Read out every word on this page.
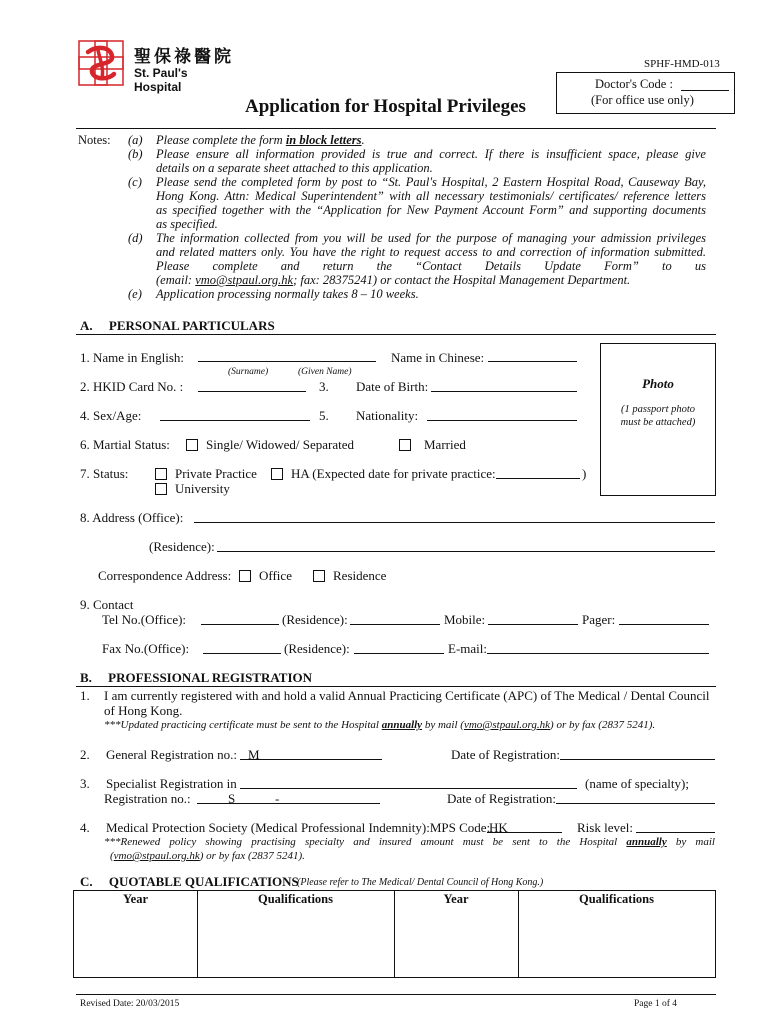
聖保祿醫院
St. Paul's Hospital
SPHF-HMD-013
Doctor's Code :
(For office use only)
Application for Hospital Privileges
Notes: (a) Please complete the form in block letters.
(b) Please ensure all information provided is true and correct. If there is insufficient space, please give
details on a separate sheet attached to this application.
(c) Please send the completed form by post to “St. Paul's Hospital, 2 Eastern Hospital Road, Causeway Bay,
Hong Kong. Attn: Medical Superintendent” with all necessary testimonials/ certificates/ reference letters
as specified together with the “Application for New Payment Account Form” and supporting documents
as specified.
(d) The information collected from you will be used for the purpose of managing your admission privileges
and related matters only. You have the right to request access to and correction of information submitted.
Please complete and return the “Contact Details Update Form” to us
(email: vmo@stpaul.org.hk; fax: 28375241) or contact the Hospital Management Department.
(e) Application processing normally takes 8 – 10 weeks.
A.     PERSONAL PARTICULARS
Photo
(1 passport photo
must be attached)
1. Name in English:
(Surname)	(Given Name)
Name in Chinese:
2. HKID Card No. :	3. Date of Birth:
4. Sex/Age:	5. Nationality:
6. Martial Status:	Single/ Widowed/ Separated	Married
7. Status:	Private Practice	HA (Expected date for private practice:	)
University
8. Address (Office):
(Residence):
Correspondence Address: Office	Residence
9. Contact
Tel No.(Office):	(Residence):	Mobile:	Pager:
Fax No.(Office):	(Residence):	E-mail:
B.     PROFESSIONAL REGISTRATION
1. I am currently registered with and hold a valid Annual Practicing Certificate (APC) of The Medical / Dental Council
of Hong Kong.
***Updated practicing certificate must be sent to the Hospital annually by mail (vmo@stpaul.org.hk) or by fax (2837 5241).
2.     General Registration no.: M	Date of Registration:
3.     Specialist Registration in	(name of specialty);
Registration no.:	S	-	Date of Registration:
4.     Medical Protection Society (Medical Professional Indemnity):MPS Code:
HK	Risk level:
***Renewed policy showing practising specialty and insured amount must be sent to the Hospital annually by mail
(vmo@stpaul.org.hk) or by fax (2837 5241).
C.     QUOTABLE QUALIFICATIONS
(Please refer to The Medical/ Dental Council of Hong Kong.)
Year	Qualifications	Year	Qualifications
Revised Date: 20/03/2015	Page 1 of 4
